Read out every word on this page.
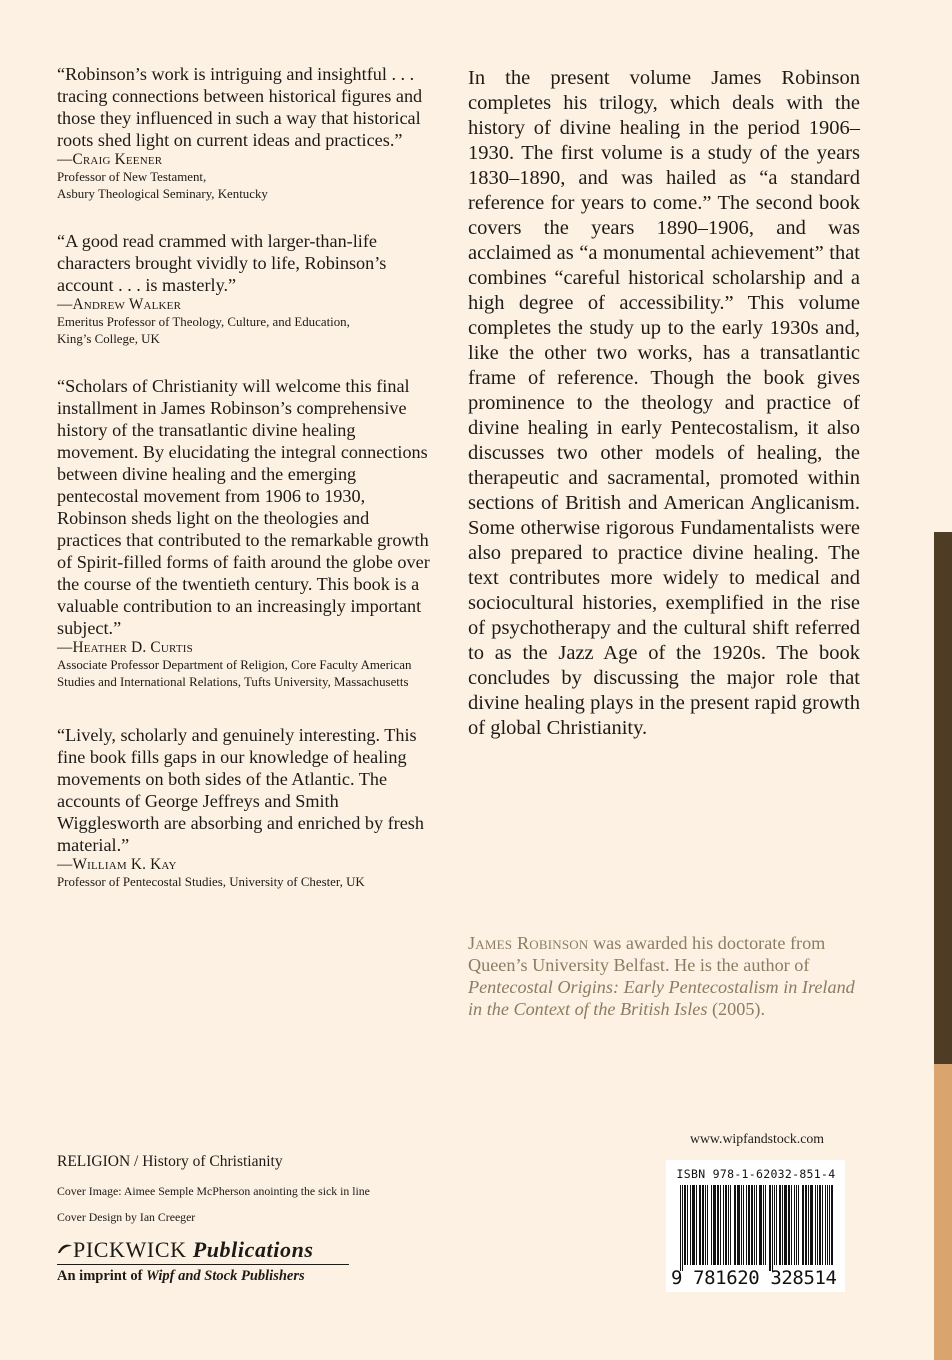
“Robinson’s work is intriguing and insightful . . . tracing connections between historical figures and those they influenced in such a way that historical roots shed light on current ideas and practices.”
—Craig Keener
Professor of New Testament,
Asbury Theological Seminary, Kentucky
“A good read crammed with larger-than-life characters brought vividly to life, Robinson’s account . . . is masterly.”
—Andrew Walker
Emeritus Professor of Theology, Culture, and Education,
King’s College, UK
“Scholars of Christianity will welcome this final installment in James Robinson’s comprehensive history of the transatlantic divine healing movement. By elucidating the integral connections between divine healing and the emerging pentecostal movement from 1906 to 1930, Robinson sheds light on the theologies and practices that contributed to the remarkable growth of Spirit-filled forms of faith around the globe over the course of the twentieth century. This book is a valuable contribution to an increasingly important subject.”
—Heather D. Curtis
Associate Professor Department of Religion, Core Faculty American Studies and International Relations, Tufts University, Massachusetts
“Lively, scholarly and genuinely interesting. This fine book fills gaps in our knowledge of healing movements on both sides of the Atlantic. The accounts of George Jeffreys and Smith Wigglesworth are absorbing and enriched by fresh material.”
—William K. Kay
Professor of Pentecostal Studies, University of Chester, UK
In the present volume James Robinson completes his trilogy, which deals with the history of divine healing in the period 1906–1930. The first volume is a study of the years 1830–1890, and was hailed as “a standard reference for years to come.” The second book covers the years 1890–1906, and was acclaimed as “a monumental achievement” that combines “careful historical scholarship and a high degree of accessibility.” This volume completes the study up to the early 1930s and, like the other two works, has a transatlantic frame of reference. Though the book gives prominence to the theology and practice of divine healing in early Pentecostalism, it also discusses two other models of healing, the therapeutic and sacramental, promoted within sections of British and American Anglicanism. Some otherwise rigorous Fundamentalists were also prepared to practice divine healing. The text contributes more widely to medical and sociocultural histories, exemplified in the rise of psychotherapy and the cultural shift referred to as the Jazz Age of the 1920s. The book concludes by discussing the major role that divine healing plays in the present rapid growth of global Christianity.
James Robinson was awarded his doctorate from Queen’s University Belfast. He is the author of Pentecostal Origins: Early Pentecostalism in Ireland in the Context of the British Isles (2005).
RELIGION / History of Christianity
Cover Image: Aimee Semple McPherson anointing the sick in line
Cover Design by Ian Creeger
PICKWICK Publications
An imprint of Wipf and Stock Publishers
www.wipfandstock.com
ISBN 978-1-62032-851-4
9 781620 328514
